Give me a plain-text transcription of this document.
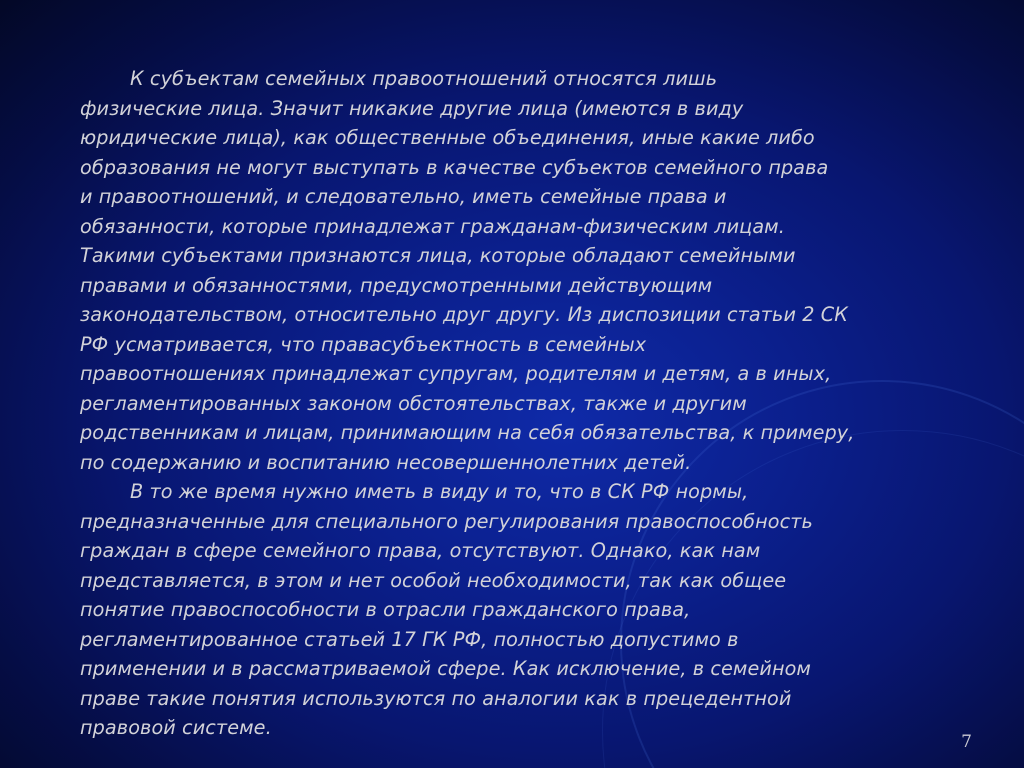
К субъектам семейных правоотношений относятся лишь
физические лица. Значит никакие другие лица (имеются в виду
юридические лица), как общественные объединения, иные какие либо
образования не могут выступать в качестве субъектов семейного права
и правоотношений, и следовательно, иметь семейные права и
обязанности, которые принадлежат гражданам-физическим лицам.
Такими субъектами признаются лица, которые обладают семейными
правами и обязанностями, предусмотренными действующим
законодательством, относительно друг другу. Из диспозиции статьи 2 СК
РФ усматривается, что правасубъектность в семейных
правоотношениях принадлежат супругам, родителям и детям, а в иных,
регламентированных законом обстоятельствах, также и другим
родственникам и лицам, принимающим на себя обязательства, к примеру,
по содержанию и воспитанию несовершеннолетних детей.

В то же время нужно иметь в виду и то, что в СК РФ нормы,
предназначенные для специального регулирования правоспособность
граждан в сфере семейного права, отсутствуют. Однако, как нам
представляется, в этом и нет особой необходимости, так как общее
понятие правоспособности в отрасли гражданского права,
регламентированное статьей 17 ГК РФ, полностью допустимо в
применении и в рассматриваемой сфере. Как исключение, в семейном
праве такие понятия используются по аналогии как в прецедентной
правовой системе.

7
